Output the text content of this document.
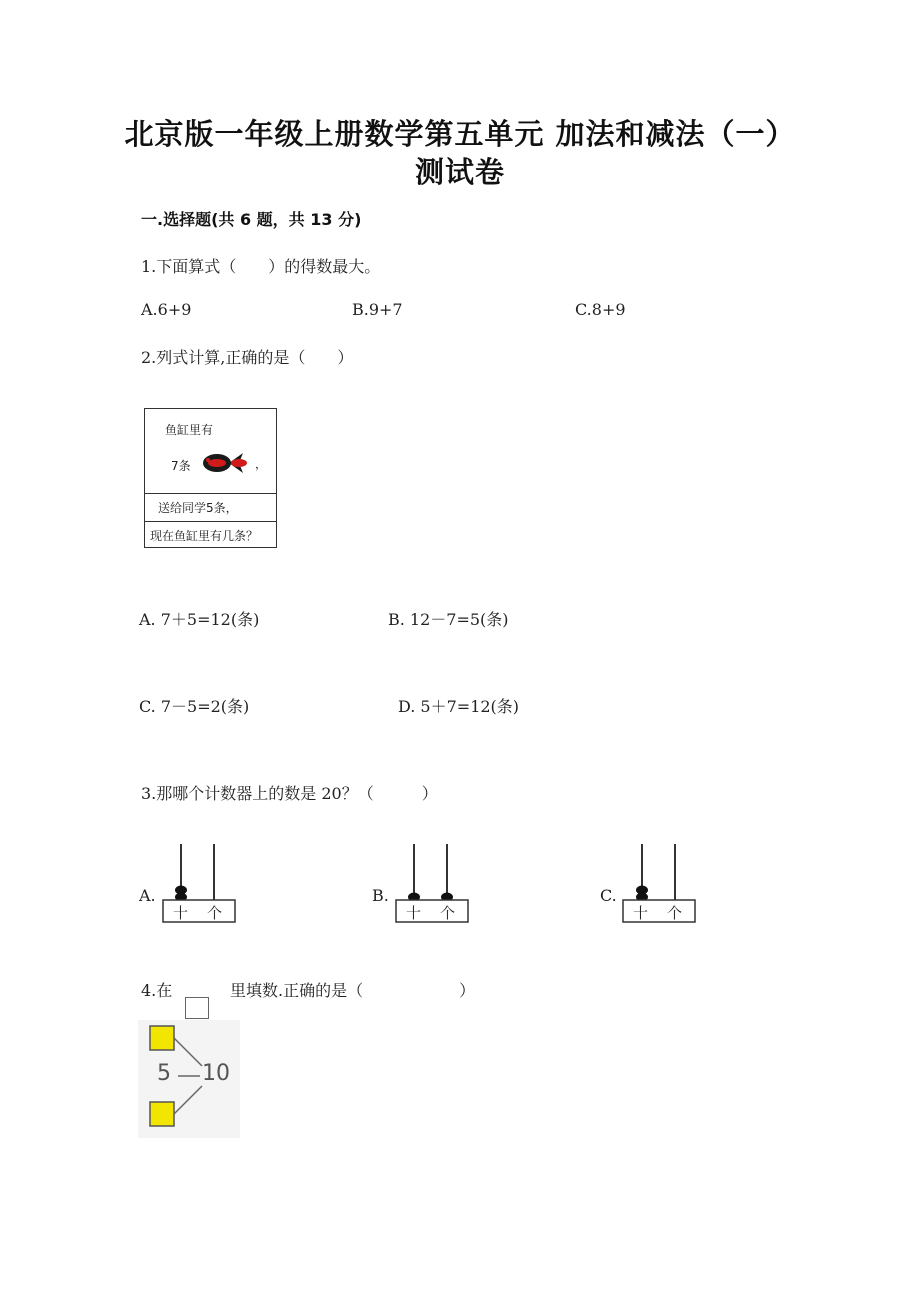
北京版一年级上册数学第五单元 加法和减法（一）
测试卷
一.选择题(共 6 题，共 13 分)
1.下面算式（　　）的得数最大。
A.6+9	B.9+7	C.8+9
2.列式计算,正确的是（　　）
鱼缸里有
7条	，
送给同学5条，
现在鱼缸里有几条？
A. 7＋5=12(条)	B. 12－7=5(条)
C. 7－5=2(条)	D. 5＋7=12(条)
3.那哪个计数器上的数是 20？（　　　）
A.
十 个
B.
十 个
C.
十 个
4.在	里填数.正确的是（　　　　　　）
5 10
